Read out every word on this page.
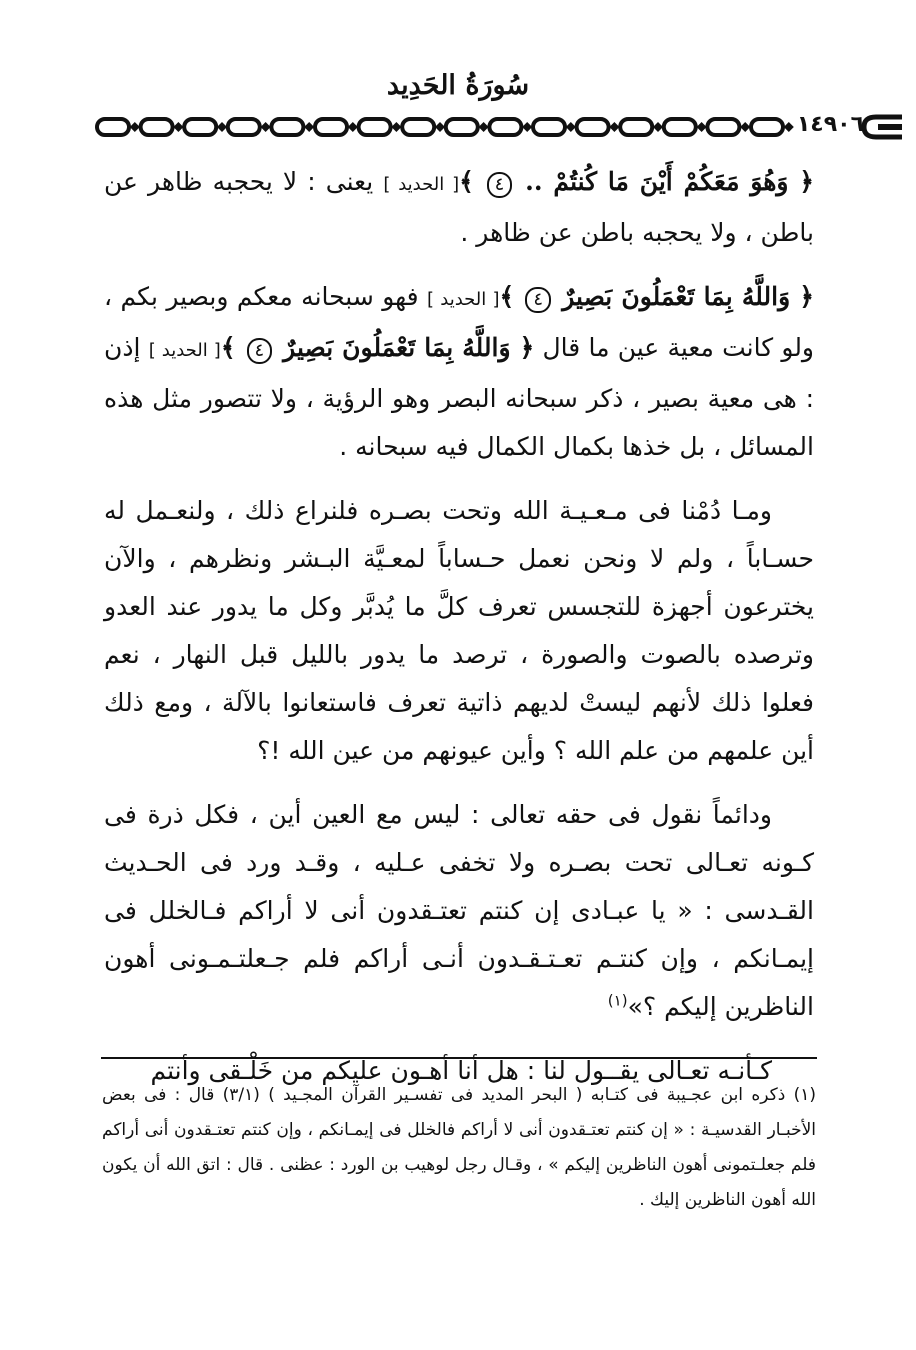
سُورَةُ الحَدِيد
١٤٩٠٦

﴿ وَهُوَ مَعَكُمْ أَيْنَ مَا كُنتُمْ .. ٤ ﴾[ الحديد ] يعنى : لا يحجبه ظاهر عن باطن ، ولا يحجبه باطن عن ظاهر .

﴿ وَاللَّهُ بِمَا تَعْمَلُونَ بَصِيرٌ ٤ ﴾[ الحديد ] فهو سبحانه معكم وبصير بكم ، ولو كانت معية عين ما قال ﴿ وَاللَّهُ بِمَا تَعْمَلُونَ بَصِيرٌ ٤ ﴾[ الحديد ] إذن : هى معية بصير ، ذكر سبحانه البصر وهو الرؤية ، ولا تتصور مثل هذه المسائل ، بل خذها بكمال الكمال فيه سبحانه .

ومـا دُمْنا فى مـعـيـة الله وتحت بصـره فلنراع ذلك ، ولنعـمل له حسـاباً ، ولم لا ونحن نعمل حـساباً لمعـيَّة البـشر ونظرهم ، والآن يخترعون أجهزة للتجسس تعرف كلَّ ما يُدبَّر وكل ما يدور عند العدو وترصده بالصوت والصورة ، ترصد ما يدور بالليل قبل النهار ، نعم فعلوا ذلك لأنهم ليستْ لديهم ذاتية تعرف فاستعانوا بالآلة ، ومع ذلك أين علمهم من علم الله ؟ وأين عيونهم من عين الله !؟

ودائماً نقول فى حقه تعالى : ليس مع العين أين ، فكل ذرة فى كـونه تعـالى تحت بصـره ولا تخفى عـليه ، وقـد ورد فى الحـديث القـدسى : « يا عبـادى إن كنتم تعتـقدون أنى لا أراكم فـالخلل فى إيمـانكم ، وإن كنتـم تعـتـقـدون أنـى أراكم فلم جـعلتـمـونى أهون الناظرين إليكم ؟»$^{(١)}$

كـأنـه تعـالى يقــول لنا : هل أنا أهـون عليكم من خَلْـقى وأنتم

(١) ذكره ابن عجـيبة فى كتـابه ( البحر المديد فى تفسـير القرآن المجـيد ) (٣/١) قال : فى بعض الأخبـار القدسيـة : « إن كنتم تعتـقدون أنى لا أراكم فالخلل فى إيمـانكم ، وإن كنتم تعتـقدون أنى أراكم فلم جعلـتمونى أهون الناظرين إليكم » ، وقـال رجل لوهيب بن الورد : عظنى . قال : اتق الله أن يكون الله أهون الناظرين إليك .
